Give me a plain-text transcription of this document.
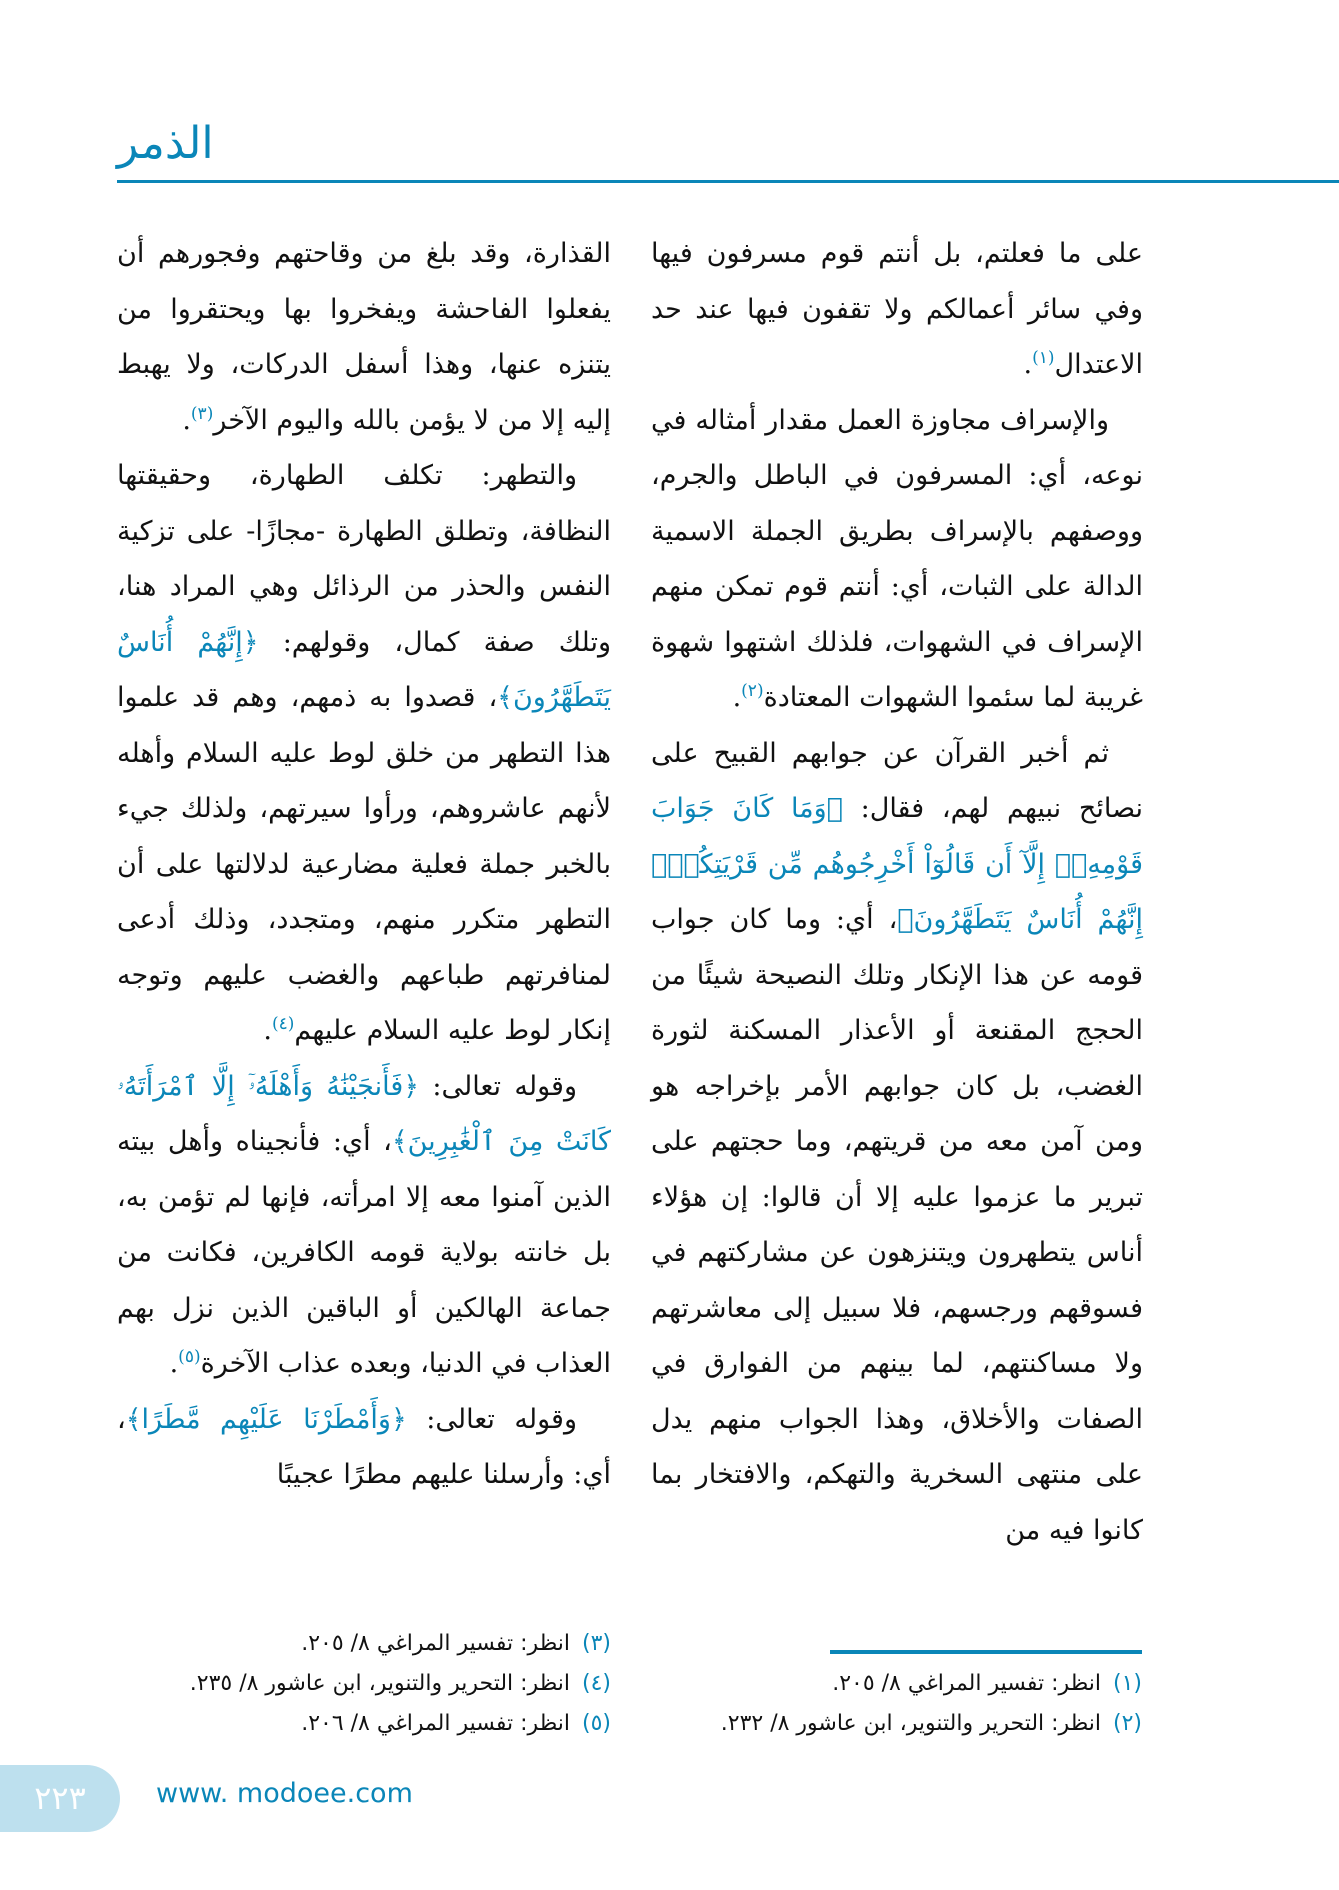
الذمر

على ما فعلتم، بل أنتم قوم مسرفون فيها وفي سائر أعمالكم ولا تقفون فيها عند حد الاعتدال$^{(١)}$.

والإسراف مجاوزة العمل مقدار أمثاله في نوعه، أي: المسرفون في الباطل والجرم، ووصفهم بالإسراف بطريق الجملة الاسمية الدالة على الثبات، أي: أنتم قوم تمكن منهم الإسراف في الشهوات، فلذلك اشتهوا شهوة غريبة لما سئموا الشهوات المعتادة$^{(٢)}$.

ثم أخبر القرآن عن جوابهم القبيح على نصائح نبيهم لهم، فقال: ﴿وَمَا كَانَ جَوَابَ قَوْمِهِۦٓ إِلَّآ أَن قَالُوٓاْ أَخْرِجُوهُم مِّن قَرْيَتِكُمْۖ إِنَّهُمْ أُنَاسٌ يَتَطَهَّرُونَ﴾، أي: وما كان جواب قومه عن هذا الإنكار وتلك النصيحة شيئًا من الحجج المقنعة أو الأعذار المسكنة لثورة الغضب، بل كان جوابهم الأمر بإخراجه هو ومن آمن معه من قريتهم، وما حجتهم على تبرير ما عزموا عليه إلا أن قالوا: إن هؤلاء أناس يتطهرون ويتنزهون عن مشاركتهم في فسوقهم ورجسهم، فلا سبيل إلى معاشرتهم ولا مساكنتهم، لما بينهم من الفوارق في الصفات والأخلاق، وهذا الجواب منهم يدل على منتهى السخرية والتهكم، والافتخار بما كانوا فيه من

القذارة، وقد بلغ من وقاحتهم وفجورهم أن يفعلوا الفاحشة ويفخروا بها ويحتقروا من يتنزه عنها، وهذا أسفل الدركات، ولا يهبط إليه إلا من لا يؤمن بالله واليوم الآخر$^{(٣)}$.

والتطهر: تكلف الطهارة، وحقيقتها النظافة، وتطلق الطهارة -مجازًا- على تزكية النفس والحذر من الرذائل وهي المراد هنا، وتلك صفة كمال، وقولهم: ﴿إِنَّهُمْ أُنَاسٌ يَتَطَهَّرُونَ﴾، قصدوا به ذمهم، وهم قد علموا هذا التطهر من خلق لوط عليه السلام وأهله لأنهم عاشروهم، ورأوا سيرتهم، ولذلك جيء بالخبر جملة فعلية مضارعية لدلالتها على أن التطهر متكرر منهم، ومتجدد، وذلك أدعى لمنافرتهم طباعهم والغضب عليهم وتوجه إنكار لوط عليه السلام عليهم$^{(٤)}$.

وقوله تعالى: ﴿فَأَنجَيْنَٰهُ وَأَهْلَهُۥٓ إِلَّا ٱمْرَأَتَهُۥ كَانَتْ مِنَ ٱلْغَٰبِرِينَ﴾، أي: فأنجيناه وأهل بيته الذين آمنوا معه إلا امرأته، فإنها لم تؤمن به، بل خانته بولاية قومه الكافرين، فكانت من جماعة الهالكين أو الباقين الذين نزل بهم العذاب في الدنيا، وبعده عذاب الآخرة$^{(٥)}$.

وقوله تعالى: ﴿وَأَمْطَرْنَا عَلَيْهِم مَّطَرًا﴾، أي: وأرسلنا عليهم مطرًا عجيبًا

(١)انظر: تفسير المراغي ٨/ ٢٠٥.
(٢)انظر: التحرير والتنوير، ابن عاشور ٨/ ٢٣٢.
(٣)انظر: تفسير المراغي ٨/ ٢٠٥.
(٤)انظر: التحرير والتنوير، ابن عاشور ٨/ ٢٣٥.
(٥)انظر: تفسير المراغي ٨/ ٢٠٦.
٢٢٣	www. modoee.com
